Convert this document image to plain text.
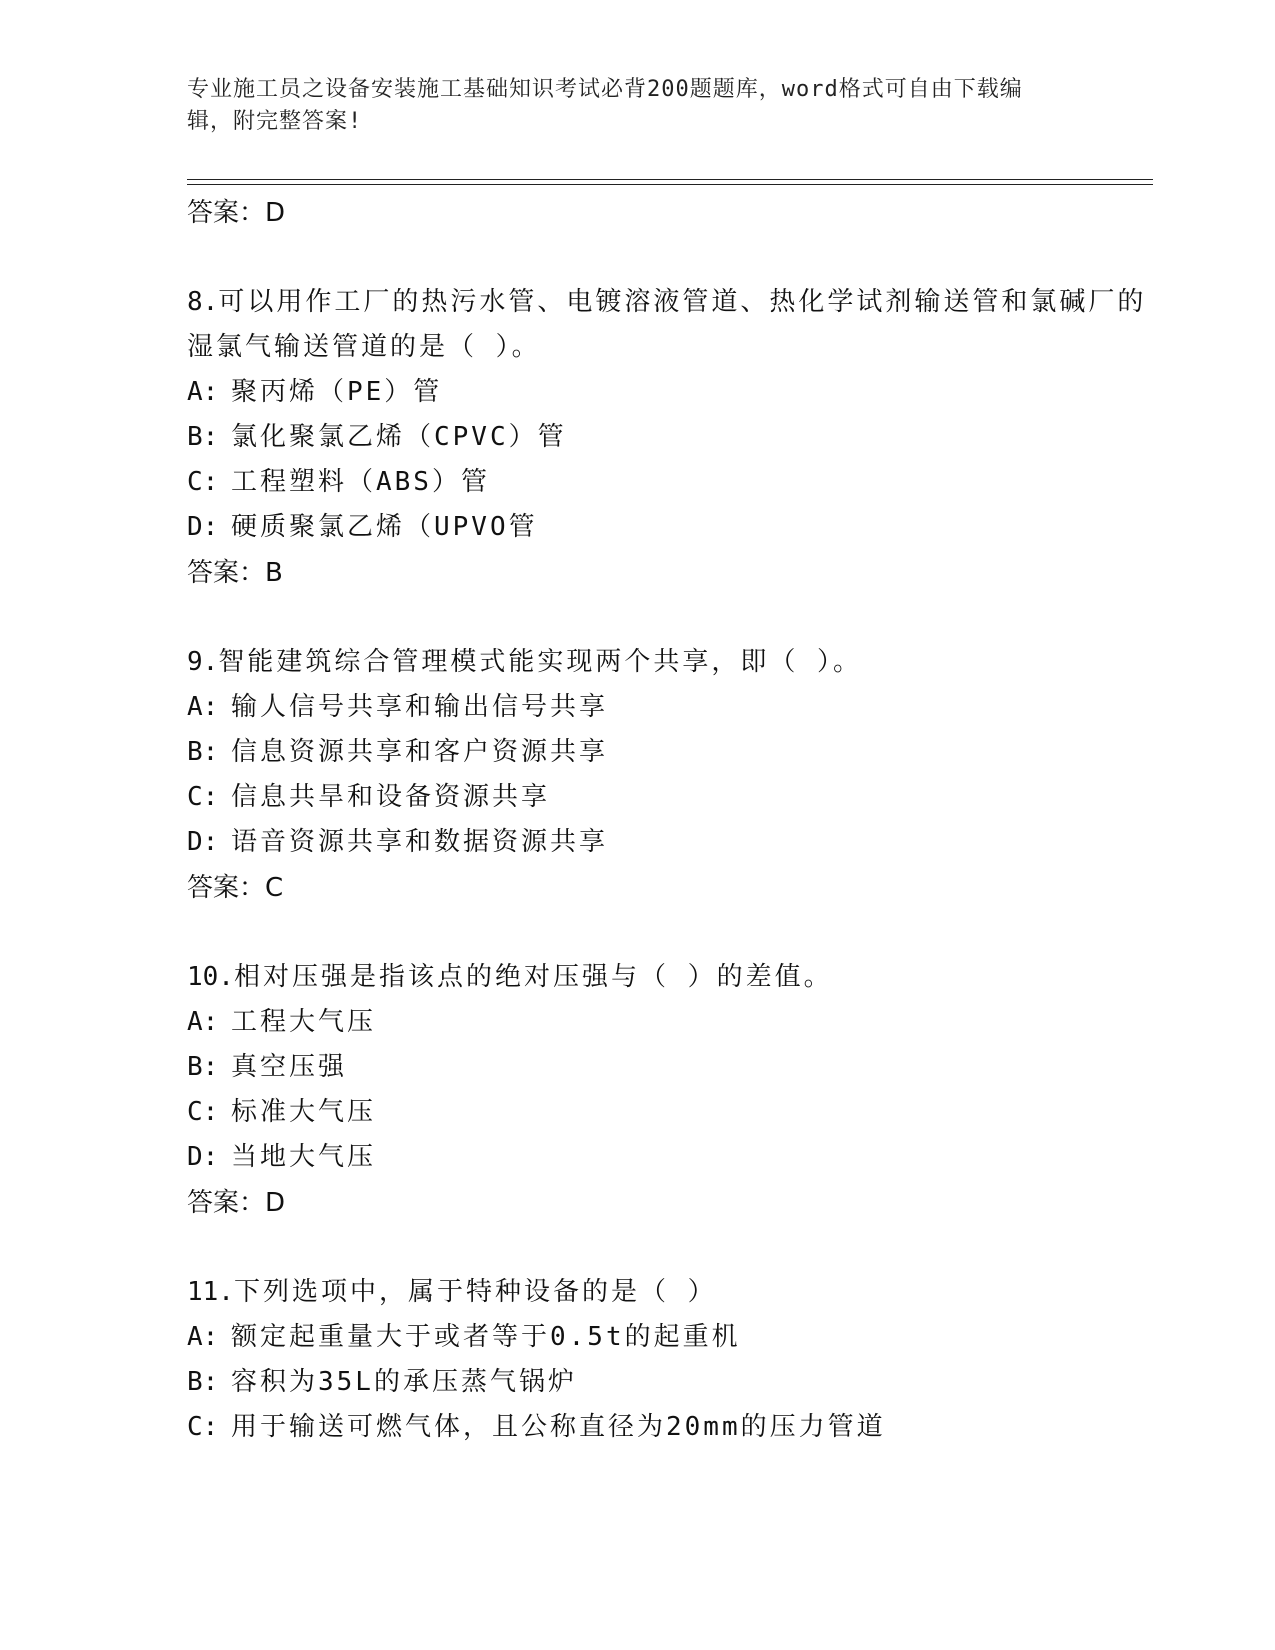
专业施工员之设备安装施工基础知识考试必背200题题库，word格式可自由下载编辑，附完整答案!
答案：D
8.可以用作工厂的热污水管、电镀溶液管道、热化学试剂输送管和氯碱厂的湿氯气输送管道的是（ ）。
A: 聚丙烯（PE）管
B: 氯化聚氯乙烯（CPVC）管
C: 工程塑料（ABS）管
D: 硬质聚氯乙烯（UPVO管
答案：B
9.智能建筑综合管理模式能实现两个共享，即（ ）。
A: 输人信号共享和输出信号共享
B: 信息资源共享和客户资源共享
C: 信息共旱和设备资源共享
D: 语音资源共享和数据资源共享
答案：C
10.相对压强是指该点的绝对压强与（ ）的差值。
A: 工程大气压
B: 真空压强
C: 标准大气压
D: 当地大气压
答案：D
11.下列选项中，属于特种设备的是（ ）
A: 额定起重量大于或者等于0.5t的起重机
B: 容积为35L的承压蒸气锅炉
C: 用于输送可燃气体，且公称直径为20mm的压力管道
